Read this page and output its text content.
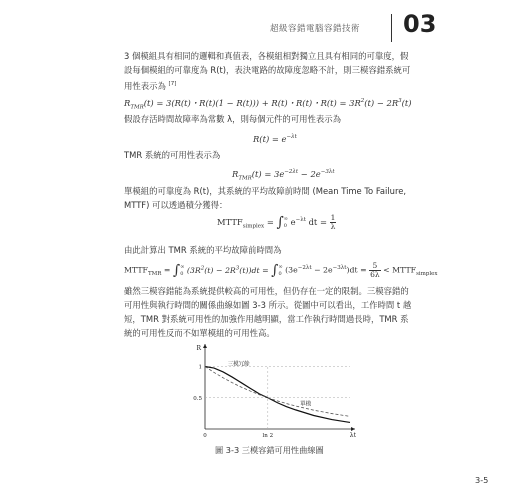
超級容錯電腦容錯技術 03
3 個模組具有相同的邏輯和真值表，各模組相對獨立且具有相同的可靠度，假
設每個模組的可靠度為 R(t)，表決電路的故障度忽略不計，則三模容錯系統可
用性表示為 [7]
$R_{TMR}(t) = 3(R(t)$・R(t)(1 − R(t))) + R(t)・R(t)・$R(t) = 3R^2(t) - 2R^3(t)$
假設存活時間故障率為常數 λ，則每個元件的可用性表示為
$R(t) = e^{-\lambda t}$
TMR 系統的可用性表示為
$R_{TMR}(t) = 3e^{-2\lambda t} - 2e^{-3\lambda t}$
單模組的可靠度為 R(t)，其系統的平均故障前時間 (Mean Time To Failure,
MTTF) 可以透過積分獲得：
$MTTF_{simplex}$ = ∫ ∞
0 $e^{-\lambda t}$ dt = $\frac{1}{\lambda}$
由此計算出 TMR 系統的平均故障前時間為
$MTTF_{TMR}$ = ∫ ∞
0 $(3R^2(t) - 2R^3(t))dt$ = ∫ ∞
0 $(3e^{-2\lambda t} - 2e^{-3\lambda t})dt = \frac{5}{6\lambda}$ < $MTTF_{simplex}$
雖然三模容錯能為系統提供較高的可用性，但仍存在一定的限制。三模容錯的
可用性與執行時間的關係曲線如圖 3-3 所示。從圖中可以看出，工作時間 t 越
短，TMR 對系統可用性的加強作用越明顯，當工作執行時間過長時，TMR 系
統的可用性反而不如單模組的可用性高。
R
1
0.5
0	ln 2	λt
三模冗餘
單模
圖 3-3 三模容錯可用性曲線圖
3-5
